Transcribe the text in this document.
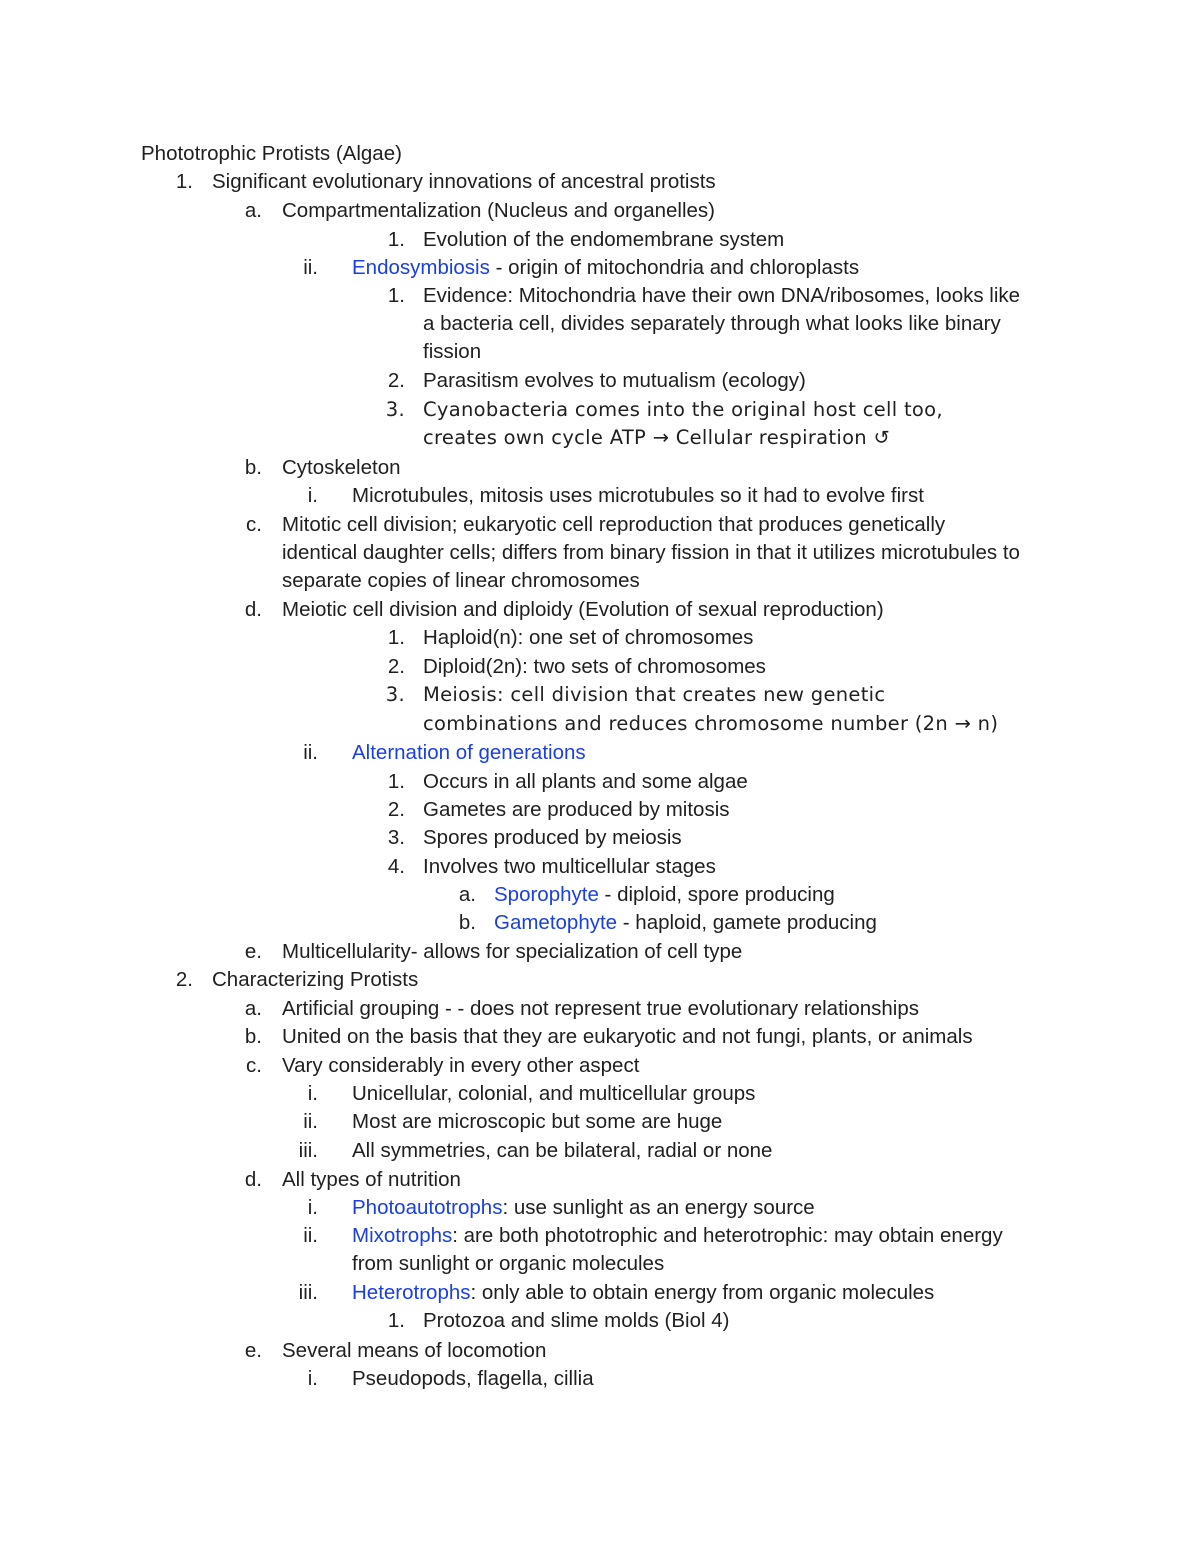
Phototrophic Protists (Algae)
1. Significant evolutionary innovations of ancestral protists
a. Compartmentalization (Nucleus and organelles)
1. Evolution of the endomembrane system
ii. Endosymbiosis - origin of mitochondria and chloroplasts
1. Evidence: Mitochondria have their own DNA/ribosomes, looks like
a bacteria cell, divides separately through what looks like binary
fission
2. Parasitism evolves to mutualism (ecology)
3. Cyanobacteria comes into the original host cell too,
creates own cycle ATP → Cellular respiration ↺
b. Cytoskeleton
i. Microtubules, mitosis uses microtubules so it had to evolve first
c. Mitotic cell division; eukaryotic cell reproduction that produces genetically
identical daughter cells; differs from binary fission in that it utilizes microtubules to
separate copies of linear chromosomes
d. Meiotic cell division and diploidy (Evolution of sexual reproduction)
1. Haploid(n): one set of chromosomes
2. Diploid(2n): two sets of chromosomes
3. Meiosis: cell division that creates new genetic
combinations and reduces chromosome number (2n → n)
ii. Alternation of generations
1. Occurs in all plants and some algae
2. Gametes are produced by mitosis
3. Spores produced by meiosis
4. Involves two multicellular stages
a. Sporophyte - diploid, spore producing
b. Gametophyte - haploid, gamete producing
e. Multicellularity- allows for specialization of cell type
2. Characterizing Protists
a. Artificial grouping - - does not represent true evolutionary relationships
b. United on the basis that they are eukaryotic and not fungi, plants, or animals
c. Vary considerably in every other aspect
i. Unicellular, colonial, and multicellular groups
ii. Most are microscopic but some are huge
iii. All symmetries, can be bilateral, radial or none
d. All types of nutrition
i. Photoautotrophs: use sunlight as an energy source
ii. Mixotrophs: are both phototrophic and heterotrophic: may obtain energy
from sunlight or organic molecules
iii. Heterotrophs: only able to obtain energy from organic molecules
1. Protozoa and slime molds (Biol 4)
e. Several means of locomotion
i. Pseudopods, flagella, cillia
